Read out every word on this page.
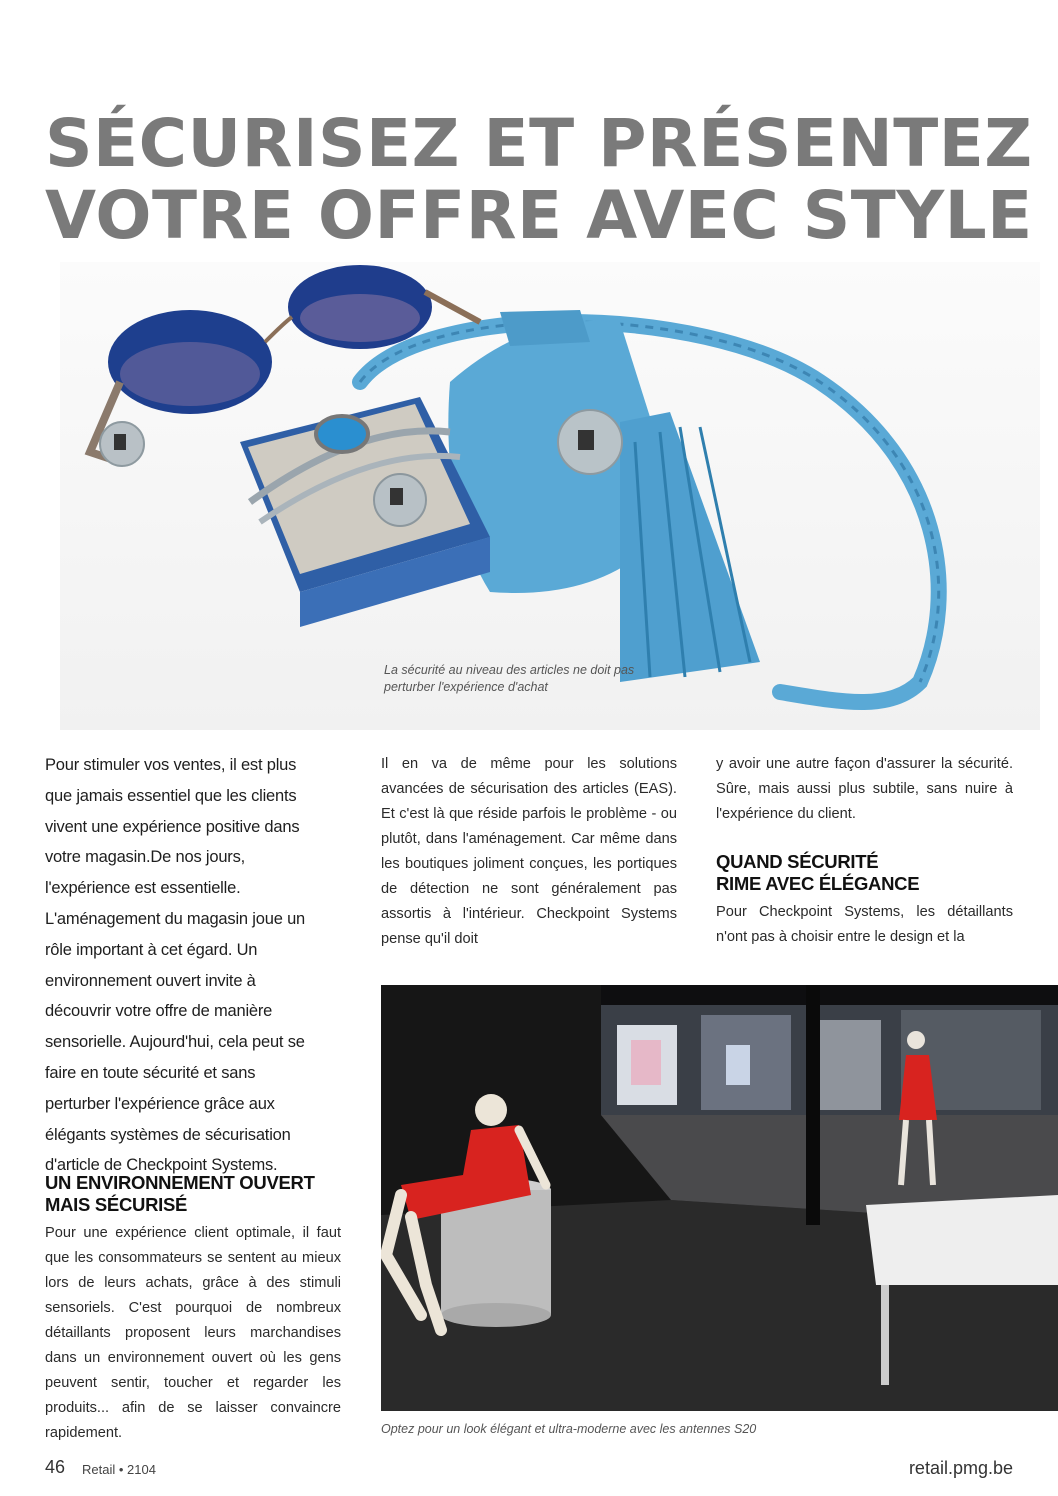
SÉCURISEZ ET PRÉSENTEZ
VOTRE OFFRE AVEC STYLE

La sécurité au niveau des articles ne doit pas perturber l'expérience d'achat

Pour stimuler vos ventes, il est plus que jamais essentiel que les clients vivent une expérience positive dans votre magasin.De nos jours, l'expérience est essentielle. L'aménagement du magasin joue un rôle important à cet égard. Un environnement ouvert invite à découvrir votre offre de manière sensorielle. Aujourd'hui, cela peut se faire en toute sécurité et sans perturber l'expérience grâce aux élégants systèmes de sécurisation d'article de Checkpoint Systems.

UN ENVIRONNEMENT OUVERT
MAIS SÉCURISÉ

Pour une expérience client optimale, il faut que les consommateurs se sentent au mieux lors de leurs achats, grâce à des stimuli sensoriels. C'est pourquoi de nombreux détaillants proposent leurs marchandises dans un environnement ouvert où les gens peuvent sentir, toucher et regarder les produits... afin de se laisser convaincre rapidement.

Il en va de même pour les solutions avancées de sécurisation des articles (EAS). Et c'est là que réside parfois le problème - ou plutôt, dans l'aménagement. Car même dans les boutiques joliment conçues, les portiques de détection ne sont généralement pas assortis à l'intérieur. Checkpoint Systems pense qu'il doit

y avoir une autre façon d'assurer la sécurité. Sûre, mais aussi plus subtile, sans nuire à l'expérience du client.

QUAND SÉCURITÉ
RIME AVEC ÉLÉGANCE

Pour Checkpoint Systems, les détaillants n'ont pas à choisir entre le design et la

Optez pour un look élégant et ultra-moderne avec les antennes S20

46 Retail • 2104	retail.pmg.be
